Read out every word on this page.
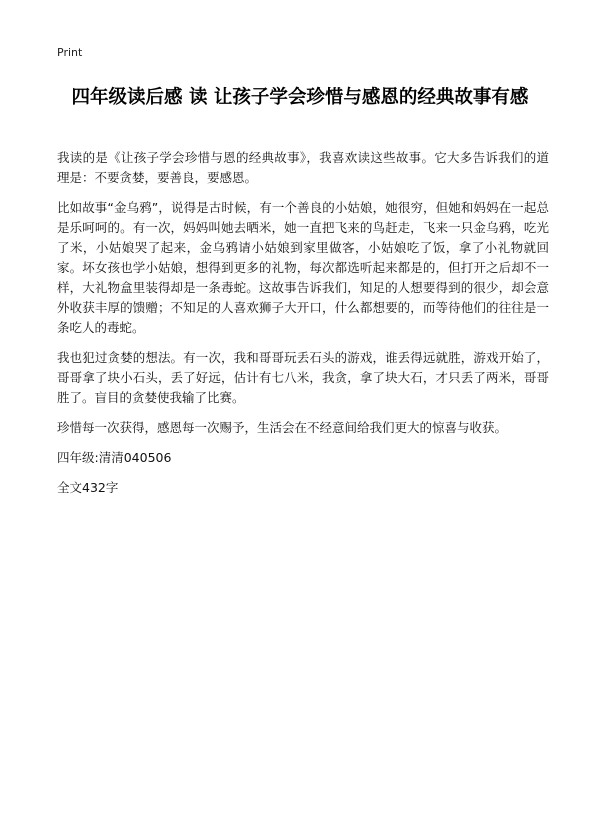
Print
四年级读后感 读 让孩子学会珍惜与感恩的经典故事有感

我读的是《让孩子学会珍惜与恩的经典故事》，我喜欢读这些故事。它大多告诉我们的道理是：不要贪婪，要善良，要感恩。

比如故事“金乌鸦”，说得是古时候，有一个善良的小姑娘，她很穷，但她和妈妈在一起总是乐呵呵的。有一次，妈妈叫她去晒米，她一直把飞来的鸟赶走，飞来一只金乌鸦，吃光了米，小姑娘哭了起来，金乌鸦请小姑娘到家里做客，小姑娘吃了饭，拿了小礼物就回家。坏女孩也学小姑娘，想得到更多的礼物，每次都选听起来都是的，但打开之后却不一样，大礼物盒里装得却是一条毒蛇。这故事告诉我们，知足的人想要得到的很少，却会意外收获丰厚的馈赠；不知足的人喜欢狮子大开口，什么都想要的，而等待他们的往往是一条吃人的毒蛇。

我也犯过贪婪的想法。有一次，我和哥哥玩丢石头的游戏，谁丢得远就胜，游戏开始了，哥哥拿了块小石头，丢了好远，估计有七八米，我贪，拿了块大石，才只丢了两米，哥哥胜了。盲目的贪婪使我输了比赛。

珍惜每一次获得，感恩每一次赐予，生活会在不经意间给我们更大的惊喜与收获。

四年级:清清040506

全文432字
